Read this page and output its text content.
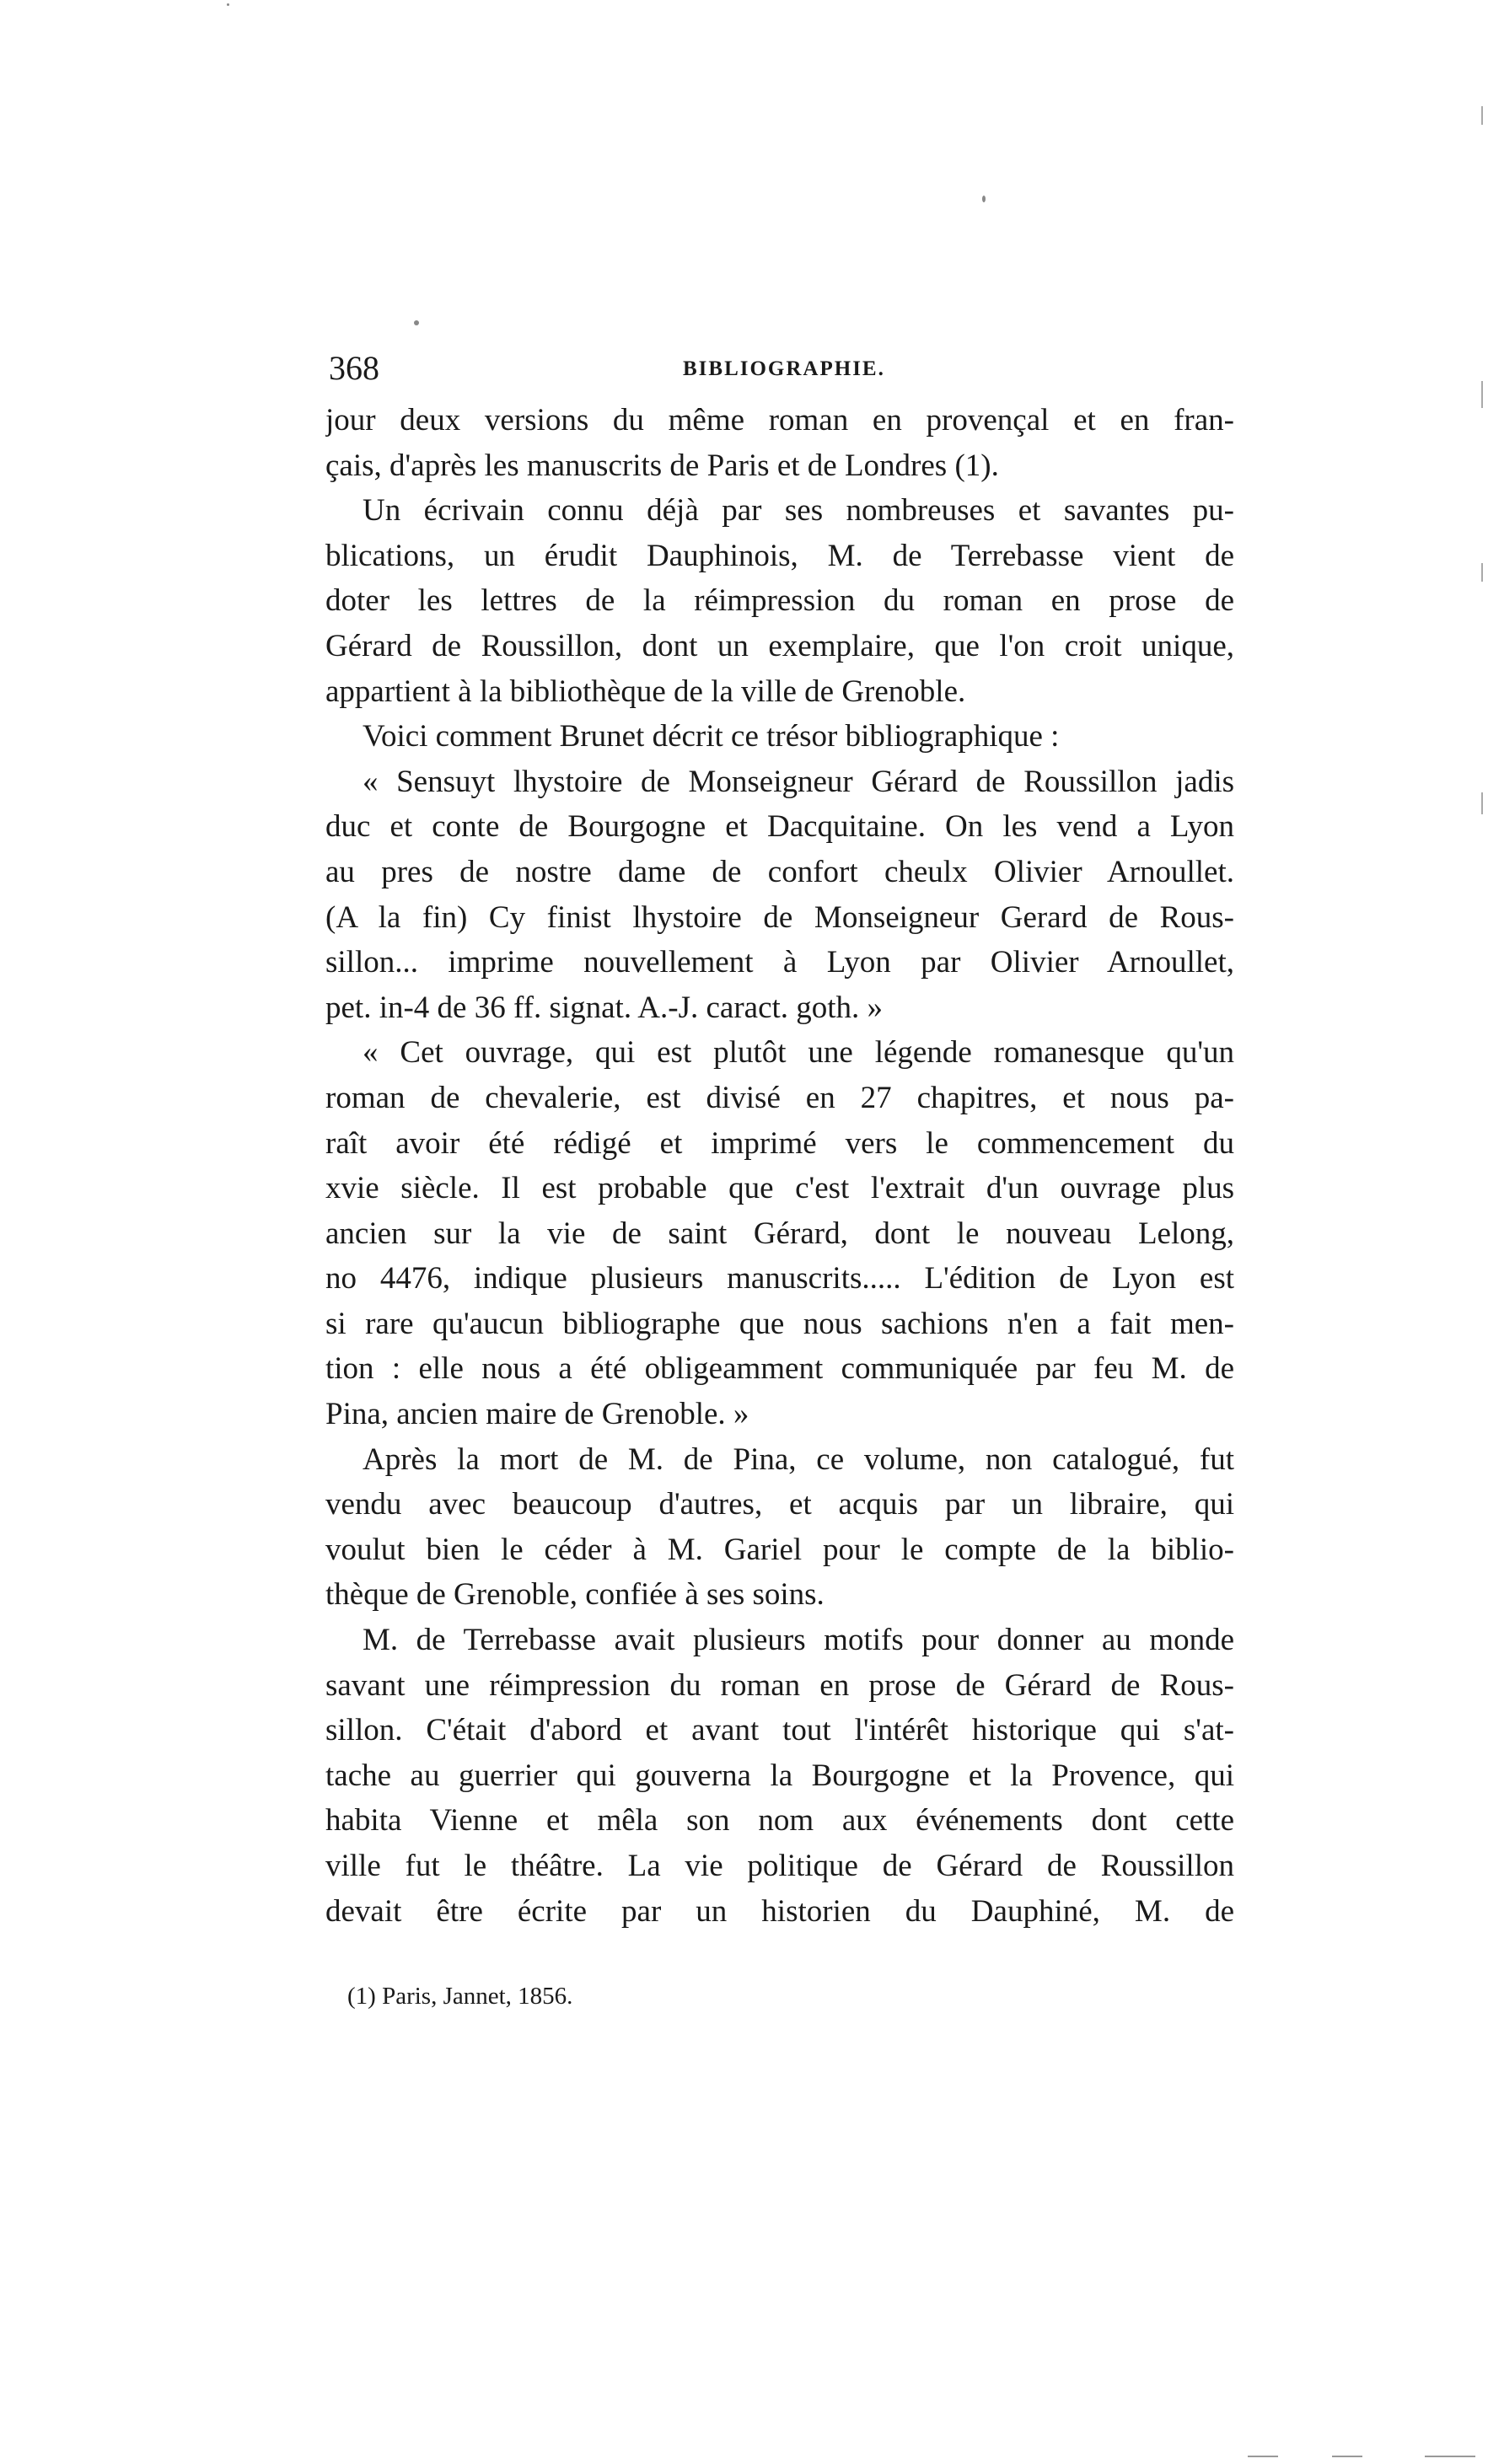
368	BIBLIOGRAPHIE.
jour deux versions du même roman en provençal et en fran-
çais, d'après les manuscrits de Paris et de Londres (1).
Un écrivain connu déjà par ses nombreuses et savantes pu-
blications, un érudit Dauphinois, M. de Terrebasse vient de
doter les lettres de la réimpression du roman en prose de
Gérard de Roussillon, dont un exemplaire, que l'on croit unique,
appartient à la bibliothèque de la ville de Grenoble.
Voici comment Brunet décrit ce trésor bibliographique :
« Sensuyt lhystoire de Monseigneur Gérard de Roussillon jadis
duc et conte de Bourgogne et Dacquitaine. On les vend a Lyon
au pres de nostre dame de confort cheulx Olivier Arnoullet.
(A la fin) Cy finist lhystoire de Monseigneur Gerard de Rous-
sillon... imprime nouvellement à Lyon par Olivier Arnoullet,
pet. in-4 de 36 ff. signat. A.-J. caract. goth. »
« Cet ouvrage, qui est plutôt une légende romanesque qu'un
roman de chevalerie, est divisé en 27 chapitres, et nous pa-
raît avoir été rédigé et imprimé vers le commencement du
xvie siècle. Il est probable que c'est l'extrait d'un ouvrage plus
ancien sur la vie de saint Gérard, dont le nouveau Lelong,
no 4476, indique plusieurs manuscrits..... L'édition de Lyon est
si rare qu'aucun bibliographe que nous sachions n'en a fait men-
tion : elle nous a été obligeamment communiquée par feu M. de
Pina, ancien maire de Grenoble. »
Après la mort de M. de Pina, ce volume, non catalogué, fut
vendu avec beaucoup d'autres, et acquis par un libraire, qui
voulut bien le céder à M. Gariel pour le compte de la biblio-
thèque de Grenoble, confiée à ses soins.
M. de Terrebasse avait plusieurs motifs pour donner au monde
savant une réimpression du roman en prose de Gérard de Rous-
sillon. C'était d'abord et avant tout l'intérêt historique qui s'at-
tache au guerrier qui gouverna la Bourgogne et la Provence, qui
habita Vienne et mêla son nom aux événements dont cette
ville fut le théâtre. La vie politique de Gérard de Roussillon
devait être écrite par un historien du Dauphiné, M. de
(1) Paris, Jannet, 1856.
